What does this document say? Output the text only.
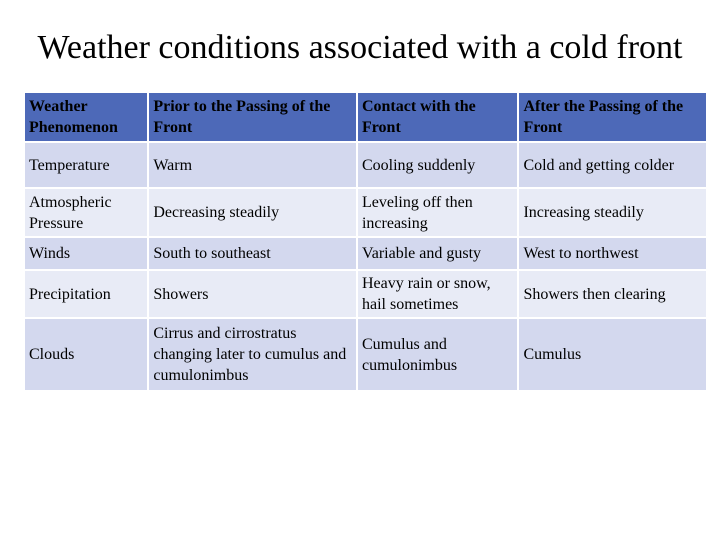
Weather conditions associated with a cold front
Weather Phenomenon	Prior to the Passing of the Front	Contact with the Front	After the Passing of the Front
Temperature	Warm	Cooling suddenly	Cold and getting colder
Atmospheric Pressure	Decreasing steadily	Leveling off then increasing	Increasing steadily
Winds	South to southeast	Variable and gusty	West to northwest
Precipitation	Showers	Heavy rain or snow, hail sometimes	Showers then clearing
Clouds	Cirrus and cirrostratus changing later to cumulus and cumulonimbus	Cumulus and cumulonimbus	Cumulus
